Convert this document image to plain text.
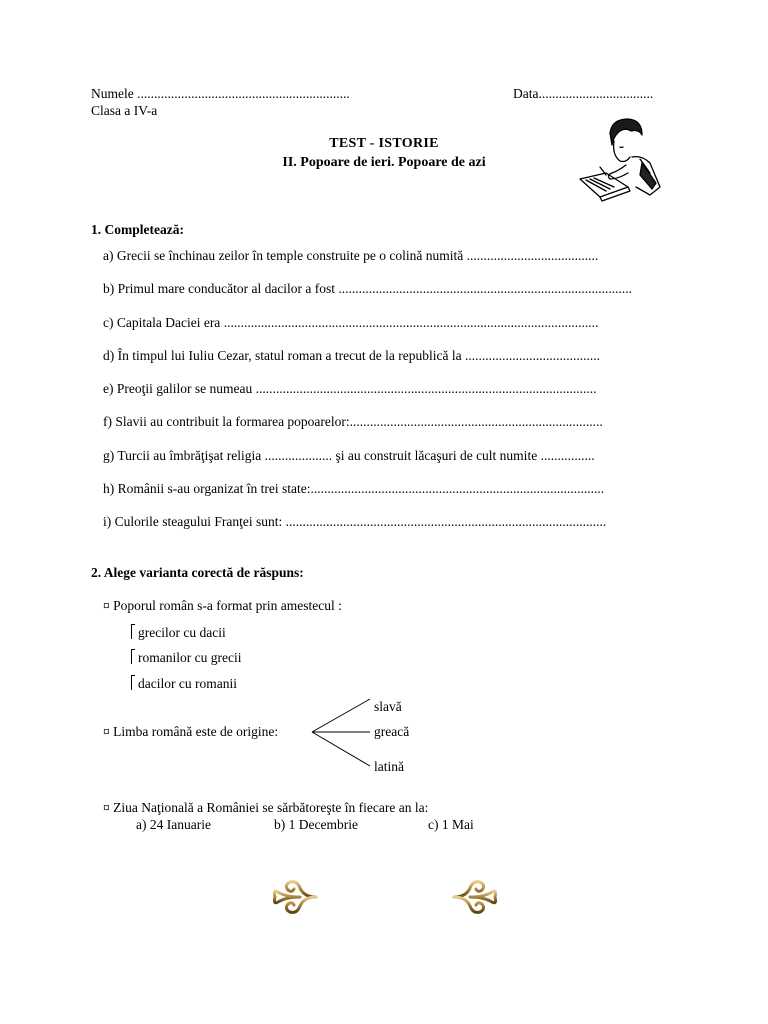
Numele ...............................................................	Data..................................
Clasa a IV-a
TEST - ISTORIE
II. Popoare de ieri. Popoare de azi
1. Completează:
a) Grecii se închinau zeilor în temple construite pe o colină numită .......................................
b) Primul mare conducător al dacilor a fost .......................................................................................
c) Capitala Daciei era ...............................................................................................................
d) În timpul lui Iuliu Cezar, statul roman a trecut de la republică la ........................................
e) Preoţii galilor se numeau .....................................................................................................
f) Slavii au contribuit la formarea popoarelor:...........................................................................
g) Turcii au îmbrăţişat religia .................... şi au construit lăcaşuri de cult numite ................
h) Românii s-au organizat în trei state:.......................................................................................
i) Culorile steagului Franţei sunt: ...............................................................................................
2. Alege varianta corectă de răspuns:
¤ Poporul român s-a format prin amestecul :
grecilor cu dacii
romanilor cu grecii
dacilor cu romanii
¤ Limba română este de origine:
slavă
greacă
latină
¤ Ziua Naţională a României se sărbătoreşte în fiecare an la:
a) 24 Ianuarie	b) 1 Decembrie	c) 1 Mai
